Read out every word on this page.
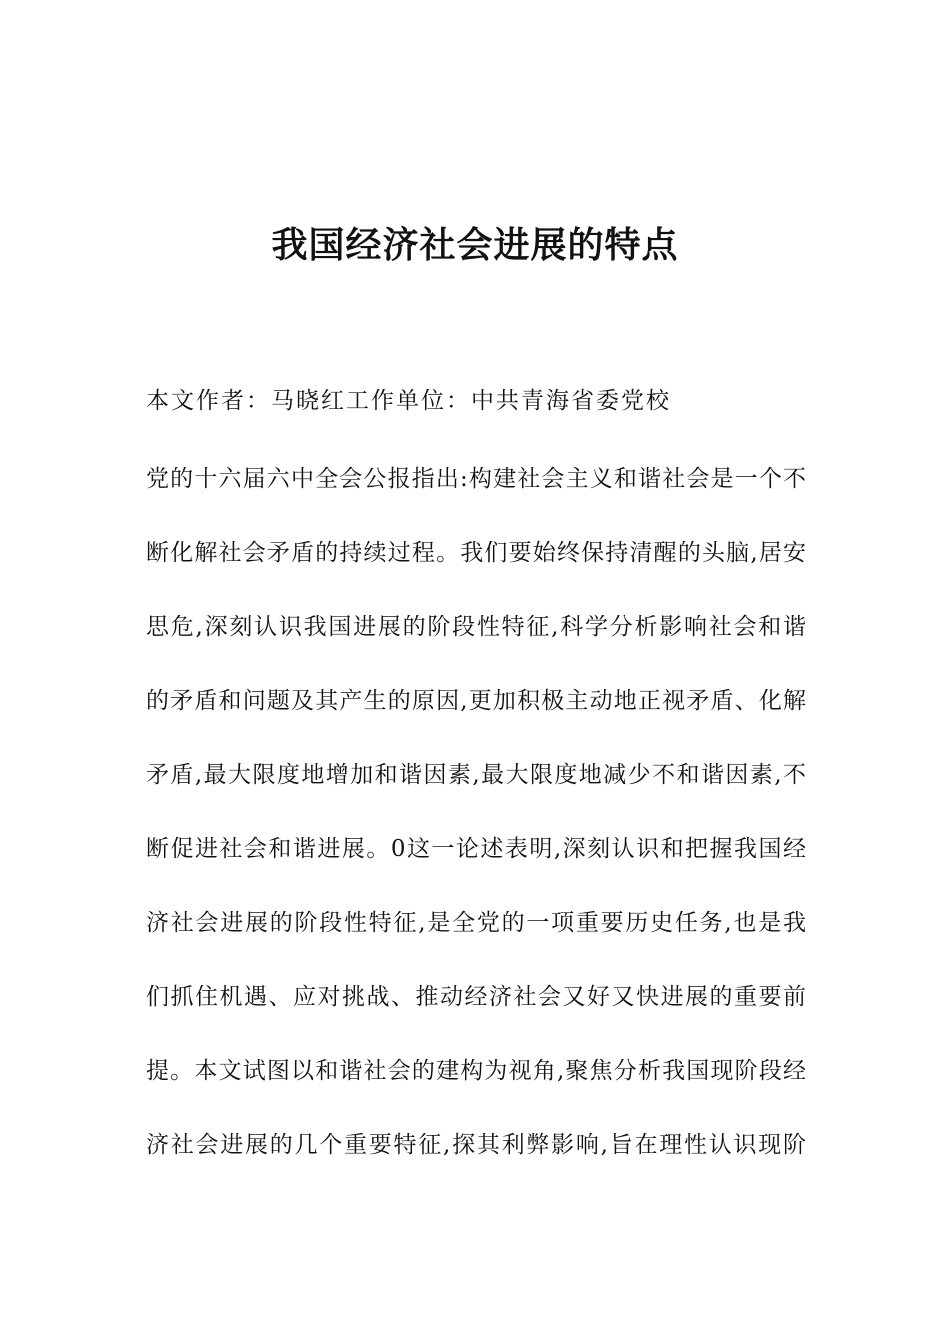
我国经济社会进展的特点
本文作者：马晓红工作单位：中共青海省委党校
党的十六届六中全会公报指出:构建社会主义和谐社会是一个不
断化解社会矛盾的持续过程。我们要始终保持清醒的头脑,居安
思危,深刻认识我国进展的阶段性特征,科学分析影响社会和谐
的矛盾和问题及其产生的原因,更加积极主动地正视矛盾、化解
矛盾,最大限度地增加和谐因素,最大限度地减少不和谐因素,不
断促进社会和谐进展。0这一论述表明,深刻认识和把握我国经
济社会进展的阶段性特征,是全党的一项重要历史任务,也是我
们抓住机遇、应对挑战、推动经济社会又好又快进展的重要前
提。本文试图以和谐社会的建构为视角,聚焦分析我国现阶段经
济社会进展的几个重要特征,探其利弊影响,旨在理性认识现阶
